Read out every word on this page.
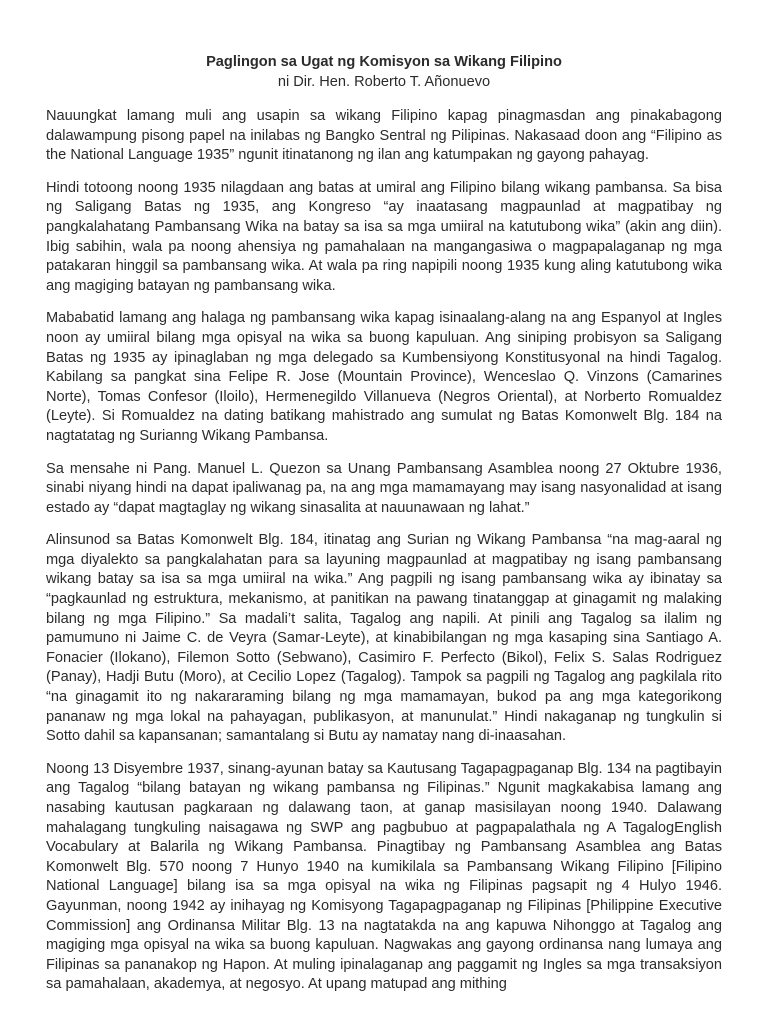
Paglingon sa Ugat ng Komisyon sa Wikang Filipino

ni Dir. Hen. Roberto T. Añonuevo

Nauungkat lamang muli ang usapin sa wikang Filipino kapag pinagmasdan ang pinakabagong dalawampung pisong papel na inilabas ng Bangko Sentral ng Pilipinas. Nakasaad doon ang “Filipino as the National Language 1935” ngunit itinatanong ng ilan ang katumpakan ng gayong pahayag.

Hindi totoong noong 1935 nilagdaan ang batas at umiral ang Filipino bilang wikang pambansa. Sa bisa ng Saligang Batas ng 1935, ang Kongreso “ay inaatasang magpaunlad at magpatibay ng pangkalahatang Pambansang Wika na batay sa isa sa mga umiiral na katutubong wika” (akin ang diin). Ibig sabihin, wala pa noong ahensiya ng pamahalaan na mangangasiwa o magpapalaganap ng mga patakaran hinggil sa pambansang wika. At wala pa ring napipili noong 1935 kung aling katutubong wika ang magiging batayan ng pambansang wika.

Mababatid lamang ang halaga ng pambansang wika kapag isinaalang-alang na ang Espanyol at Ingles noon ay umiiral bilang mga opisyal na wika sa buong kapuluan. Ang siniping probisyon sa Saligang Batas ng 1935 ay ipinaglaban ng mga delegado sa Kumbensiyong Konstitusyonal na hindi Tagalog. Kabilang sa pangkat sina Felipe R. Jose (Mountain Province), Wenceslao Q. Vinzons (Camarines Norte), Tomas Confesor (Iloilo), Hermenegildo Villanueva (Negros Oriental), at Norberto Romualdez (Leyte). Si Romualdez na dating batikang mahistrado ang sumulat ng Batas Komonwelt Blg. 184 na nagtatatag ng Surianng Wikang Pambansa.

Sa mensahe ni Pang. Manuel L. Quezon sa Unang Pambansang Asamblea noong 27 Oktubre 1936, sinabi niyang hindi na dapat ipaliwanag pa, na ang mga mamamayang may isang nasyonalidad at isang estado ay “dapat magtaglay ng wikang sinasalita at nauunawaan ng lahat.”

Alinsunod sa Batas Komonwelt Blg. 184, itinatag ang Surian ng Wikang Pambansa “na mag-aaral ng mga diyalekto sa pangkalahatan para sa layuning magpaunlad at magpatibay ng isang pambansang wikang batay sa isa sa mga umiiral na wika.” Ang pagpili ng isang pambansang wika ay ibinatay sa “pagkaunlad ng estruktura, mekanismo, at panitikan na pawang tinatanggap at ginagamit ng malaking bilang ng mga Filipino.” Sa madali’t salita, Tagalog ang napili. At pinili ang Tagalog sa ilalim ng pamumuno ni Jaime C. de Veyra (Samar-Leyte), at kinabibilangan ng mga kasaping sina Santiago A. Fonacier (Ilokano), Filemon Sotto (Sebwano), Casimiro F. Perfecto (Bikol), Felix S. Salas Rodriguez (Panay), Hadji Butu (Moro), at Cecilio Lopez (Tagalog). Tampok sa pagpili ng Tagalog ang pagkilala rito “na ginagamit ito ng nakararaming bilang ng mga mamamayan, bukod pa ang mga kategorikong pananaw ng mga lokal na pahayagan, publikasyon, at manunulat.” Hindi nakaganap ng tungkulin si Sotto dahil sa kapansanan; samantalang si Butu ay namatay nang di-inaasahan.

Noong 13 Disyembre 1937, sinang-ayunan batay sa Kautusang Tagapagpaganap Blg. 134 na pagtibayin ang Tagalog “bilang batayan ng wikang pambansa ng Filipinas.” Ngunit magkakabisa lamang ang nasabing kautusan pagkaraan ng dalawang taon, at ganap masisilayan noong 1940. Dalawang mahalagang tungkuling naisagawa ng SWP ang pagbubuo at pagpapalathala ng A TagalogEnglish Vocabulary at Balarila ng Wikang Pambansa. Pinagtibay ng Pambansang Asamblea ang Batas Komonwelt Blg. 570 noong 7 Hunyo 1940 na kumikilala sa Pambansang Wikang Filipino [Filipino National Language] bilang isa sa mga opisyal na wika ng Filipinas pagsapit ng 4 Hulyo 1946. Gayunman, noong 1942 ay inihayag ng Komisyong Tagapagpaganap ng Filipinas [Philippine Executive Commission] ang Ordinansa Militar Blg. 13 na nagtatakda na ang kapuwa Nihonggo at Tagalog ang magiging mga opisyal na wika sa buong kapuluan. Nagwakas ang gayong ordinansa nang lumaya ang Filipinas sa pananakop ng Hapon. At muling ipinalaganap ang paggamit ng Ingles sa mga transaksiyon sa pamahalaan, akademya, at negosyo. At upang matupad ang mithing
